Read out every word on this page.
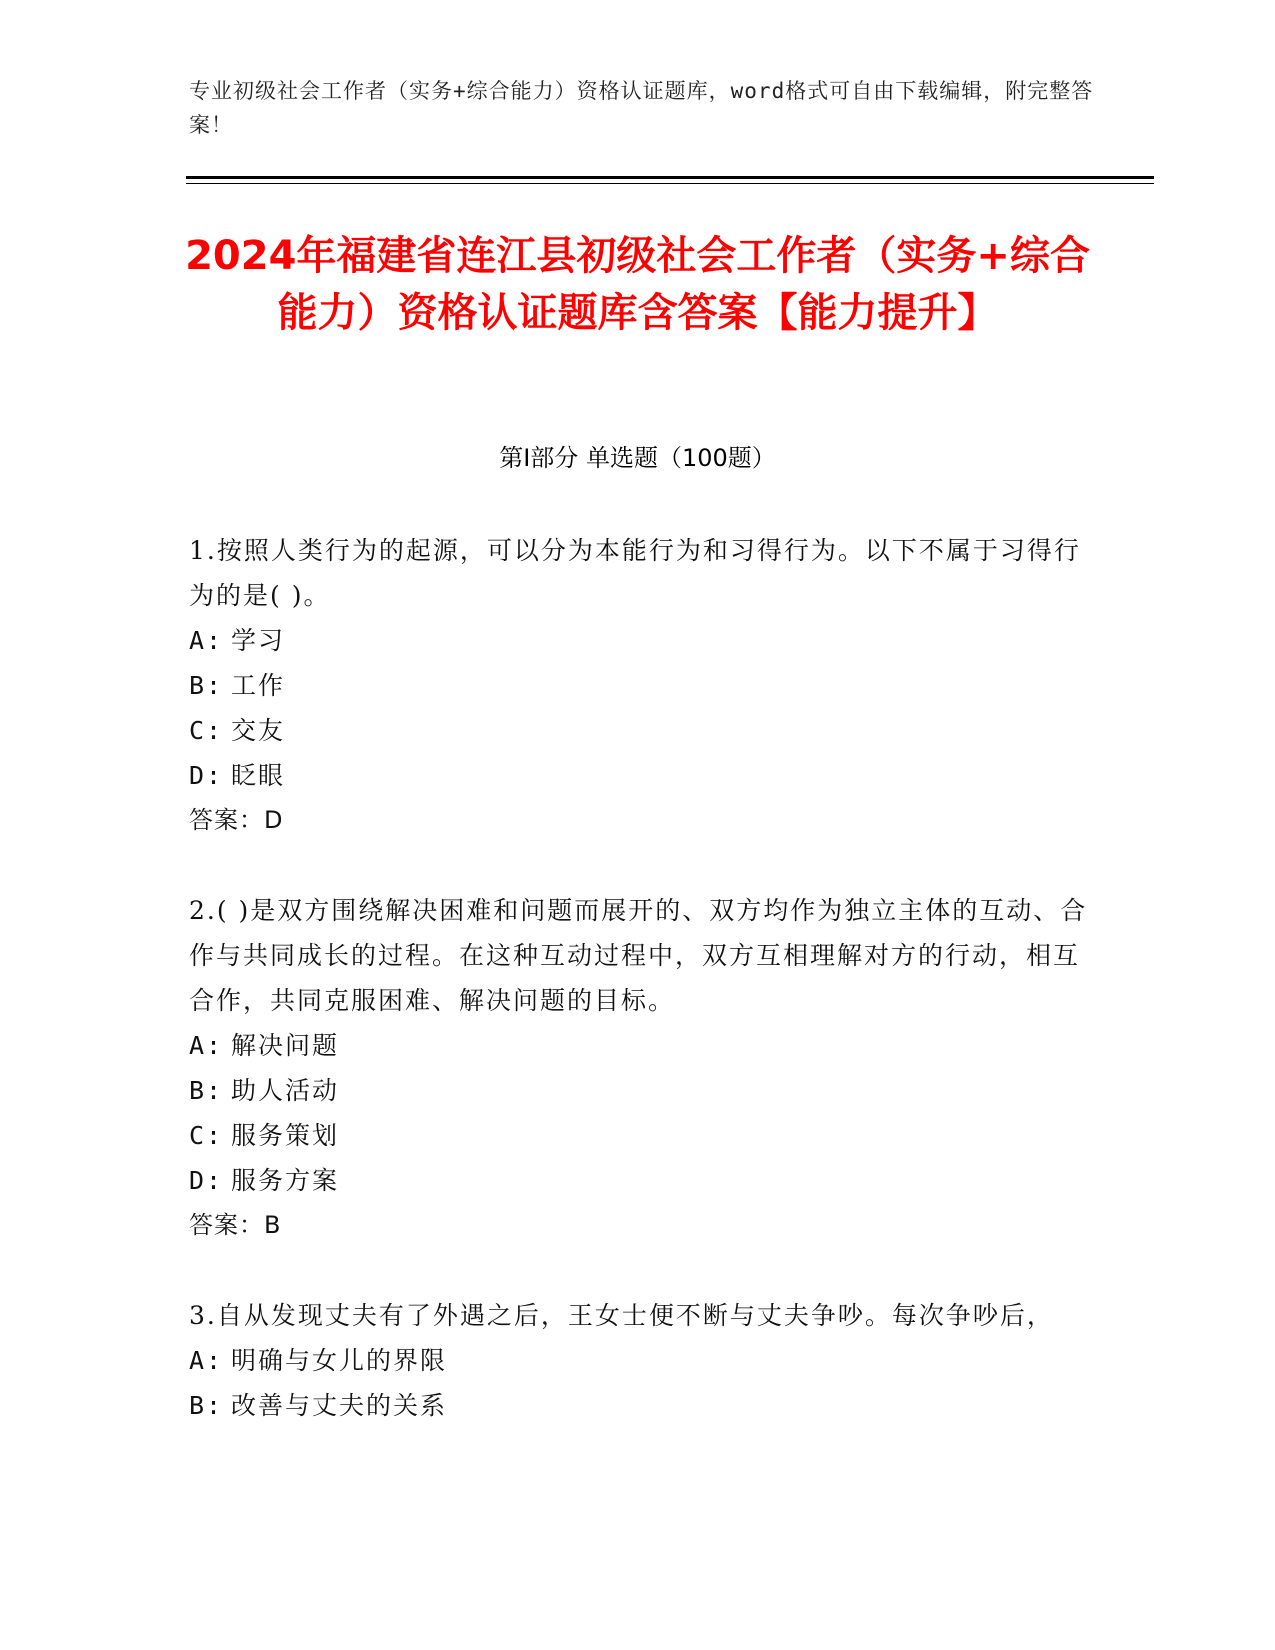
专业初级社会工作者（实务+综合能力）资格认证题库，word格式可自由下载编辑，附完整答案！
2024年福建省连江县初级社会工作者（实务+综合能力）资格认证题库含答案【能力提升】
第Ⅰ部分 单选题（100题）

1.按照人类行为的起源，可以分为本能行为和习得行为。以下不属于习得行为的是( )。

A: 学习

B: 工作

C: 交友

D: 眨眼

答案：D

2.( )是双方围绕解决困难和问题而展开的、双方均作为独立主体的互动、合作与共同成长的过程。在这种互动过程中，双方互相理解对方的行动，相互合作，共同克服困难、解决问题的目标。

A: 解决问题

B: 助人活动

C: 服务策划

D: 服务方案

答案：B

3.自从发现丈夫有了外遇之后，王女士便不断与丈夫争吵。每次争吵后，

A: 明确与女儿的界限

B: 改善与丈夫的关系
